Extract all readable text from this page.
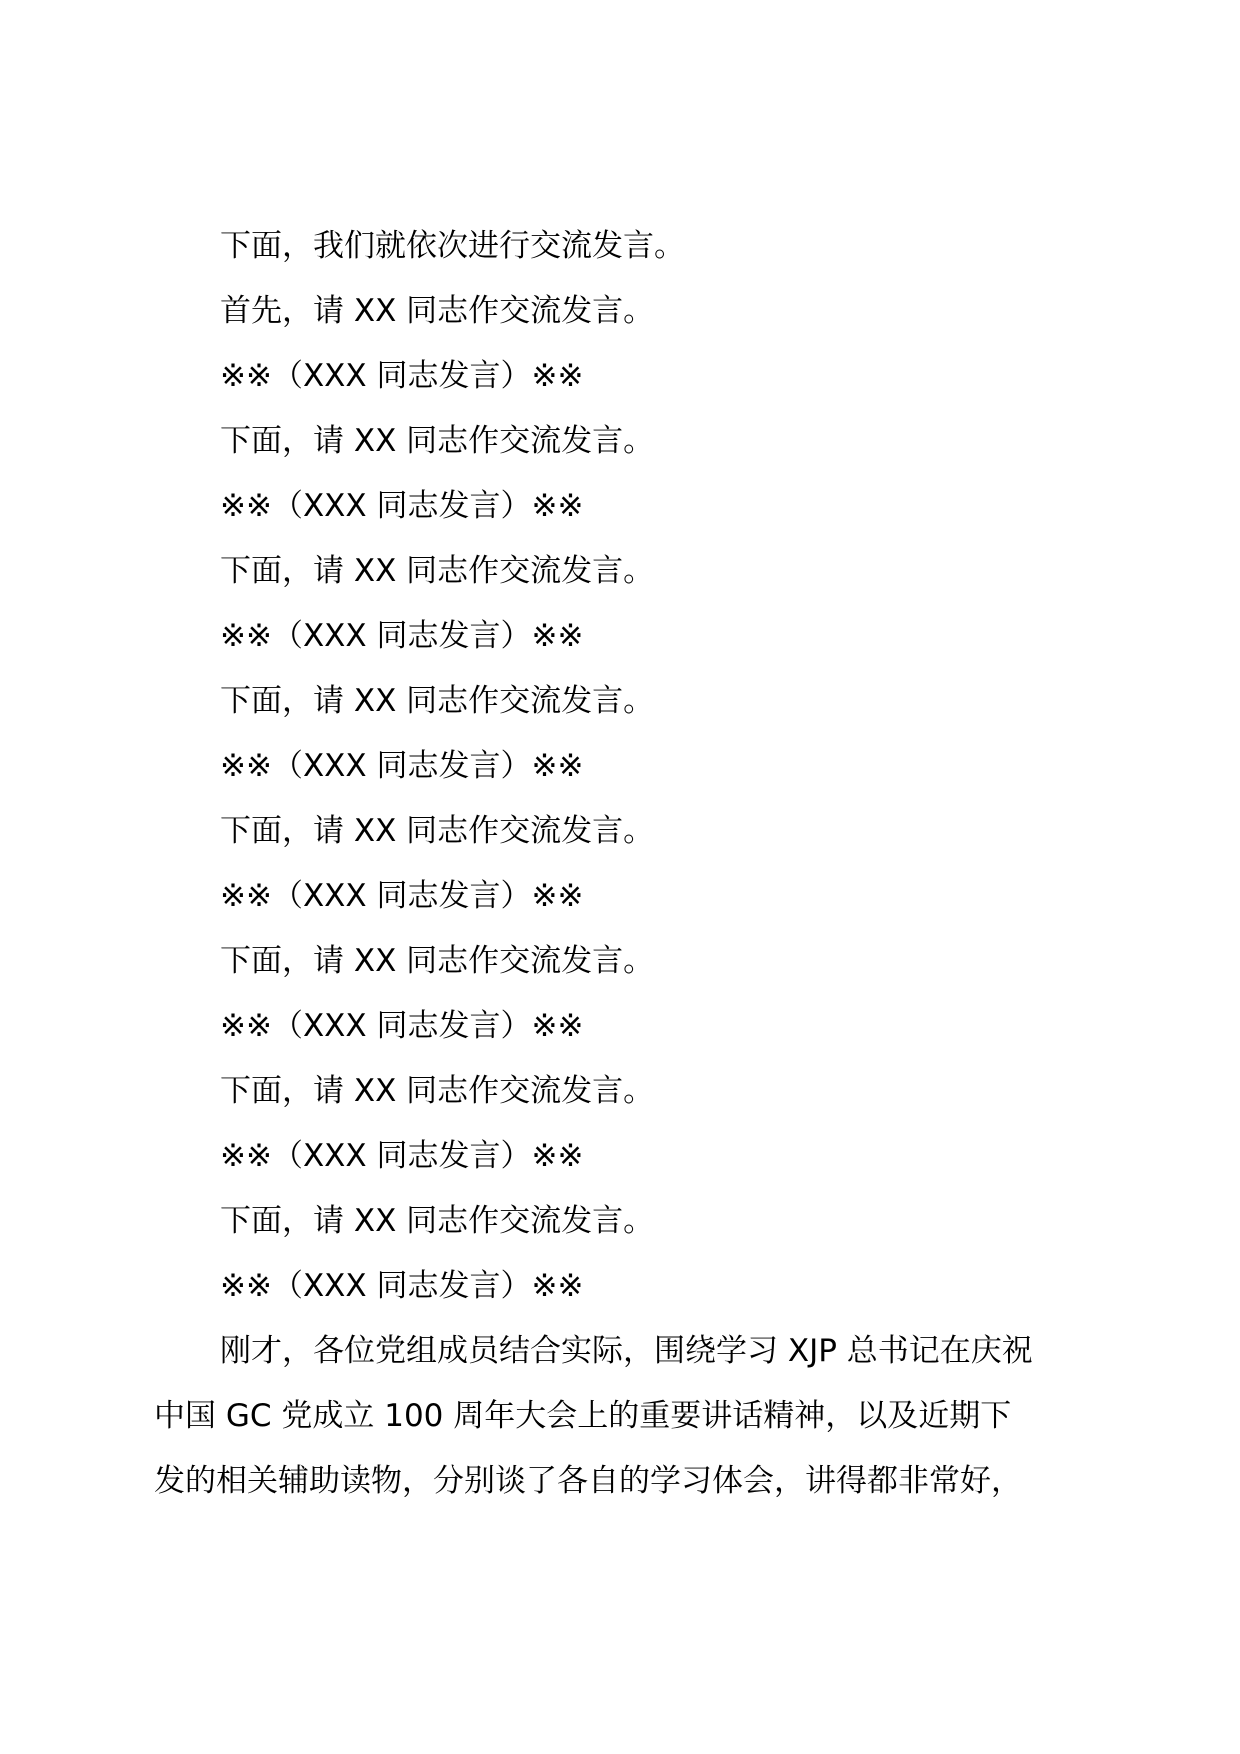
下面，我们就依次进行交流发言。
首先，请 XX 同志作交流发言。
※※（XXX 同志发言）※※
下面，请 XX 同志作交流发言。
※※（XXX 同志发言）※※
下面，请 XX 同志作交流发言。
※※（XXX 同志发言）※※
下面，请 XX 同志作交流发言。
※※（XXX 同志发言）※※
下面，请 XX 同志作交流发言。
※※（XXX 同志发言）※※
下面，请 XX 同志作交流发言。
※※（XXX 同志发言）※※
下面，请 XX 同志作交流发言。
※※（XXX 同志发言）※※
下面，请 XX 同志作交流发言。
※※（XXX 同志发言）※※
刚才，各位党组成员结合实际，围绕学习 XJP 总书记在庆祝
中国 GC 党成立 100 周年大会上的重要讲话精神，以及近期下
发的相关辅助读物，分别谈了各自的学习体会，讲得都非常好，
